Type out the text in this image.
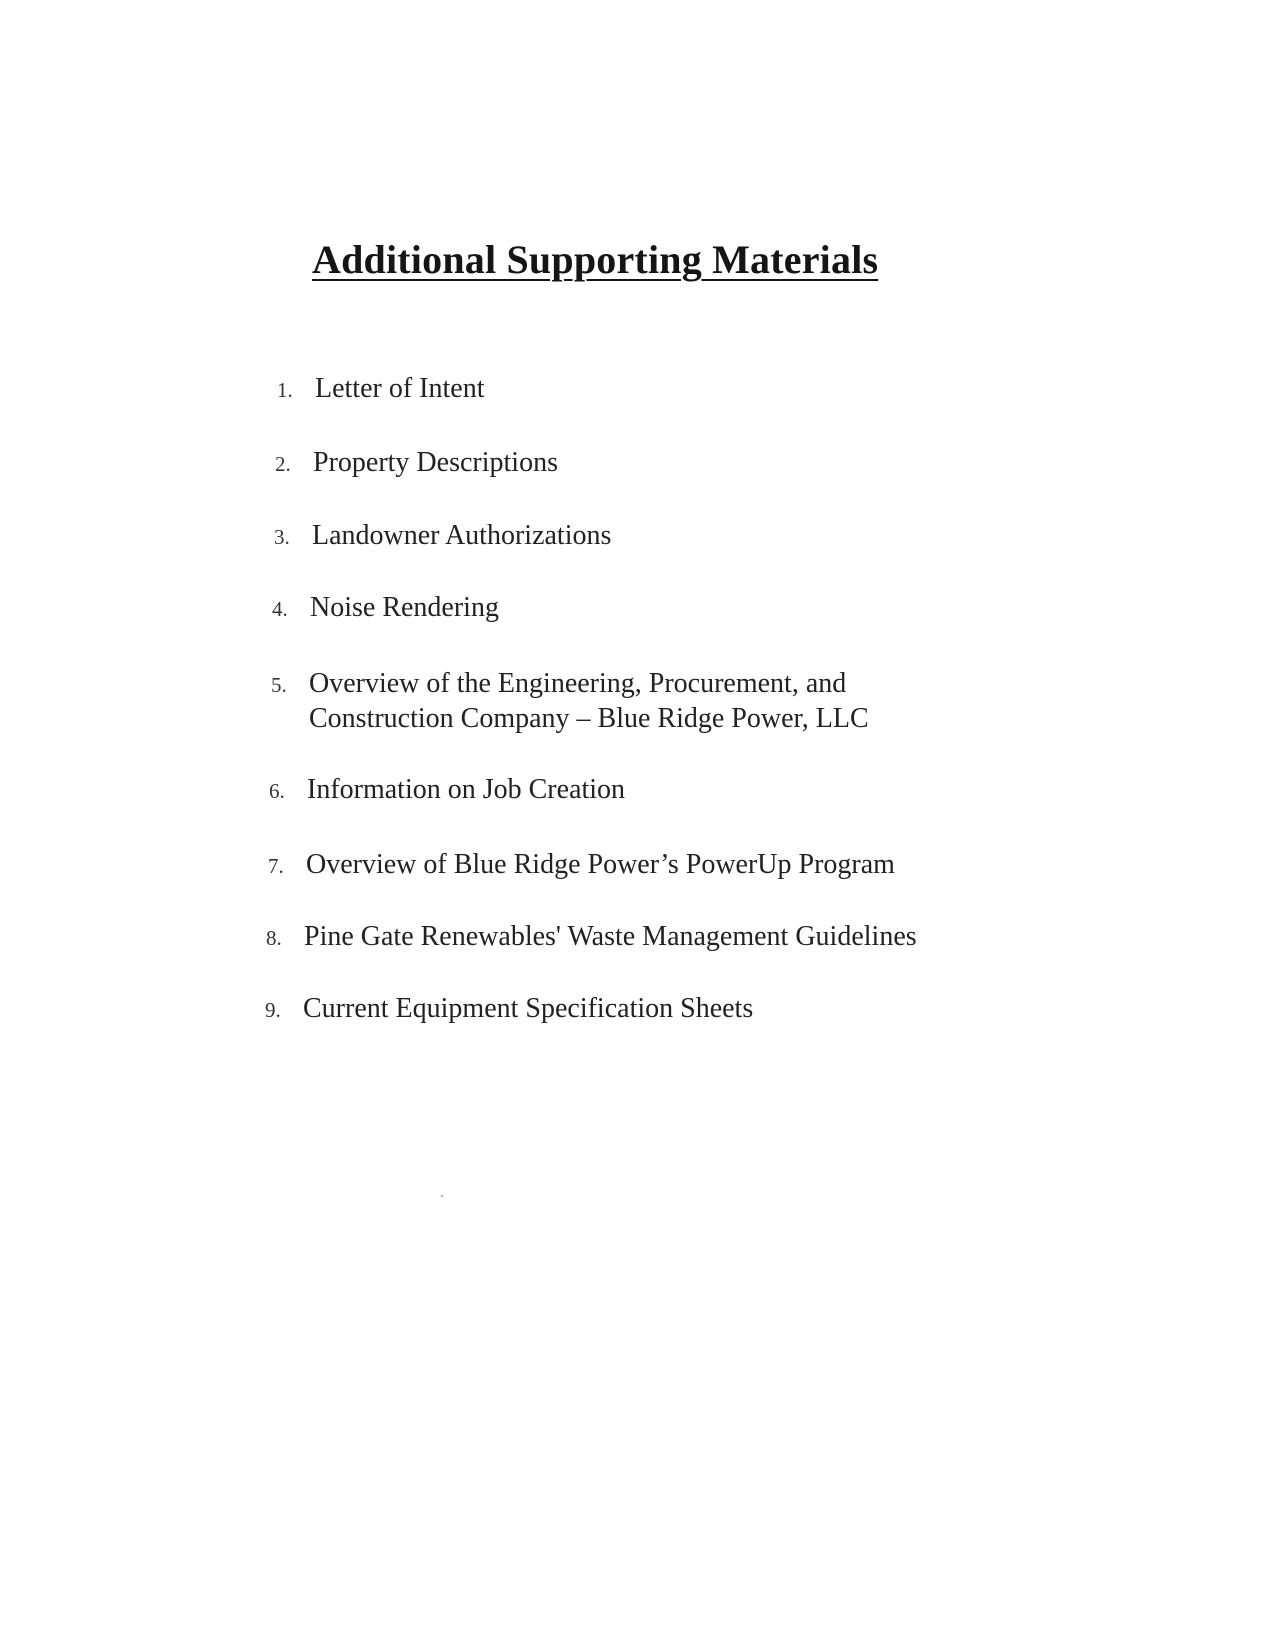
Additional Supporting Materials
1. Letter of Intent
2. Property Descriptions
3. Landowner Authorizations
4. Noise Rendering
5. Overview of the Engineering, Procurement, and
Construction Company – Blue Ridge Power, LLC
6. Information on Job Creation
7. Overview of Blue Ridge Power’s PowerUp Program
8. Pine Gate Renewables' Waste Management Guidelines
9. Current Equipment Specification Sheets
